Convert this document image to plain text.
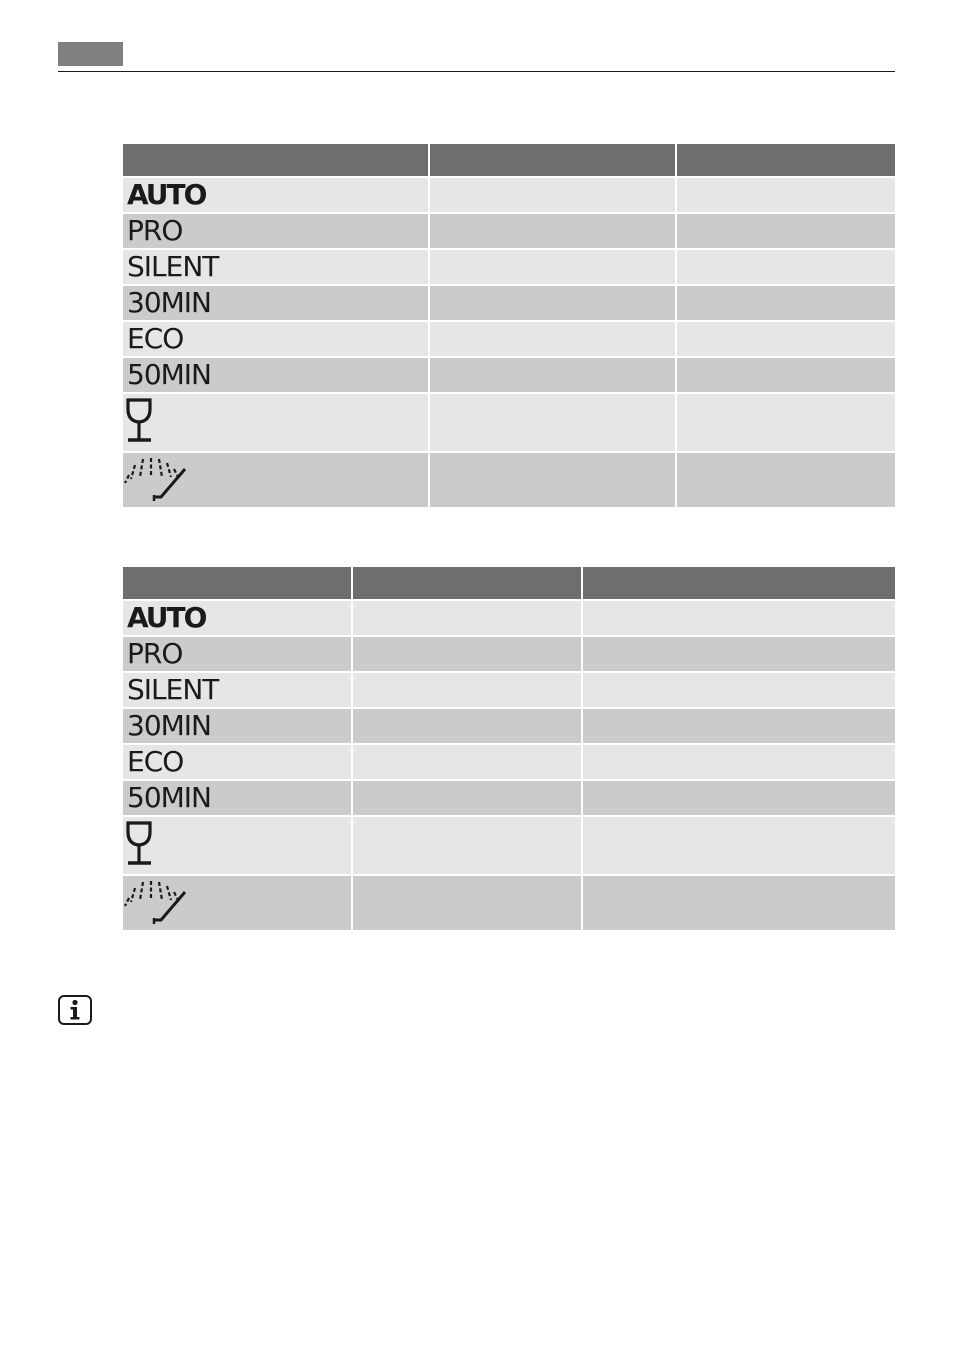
AUTO		

PRO		

SILENT		

30MIN		

ECO		

50MIN		

AUTO		

PRO		

SILENT		

30MIN		

ECO		

50MIN		
